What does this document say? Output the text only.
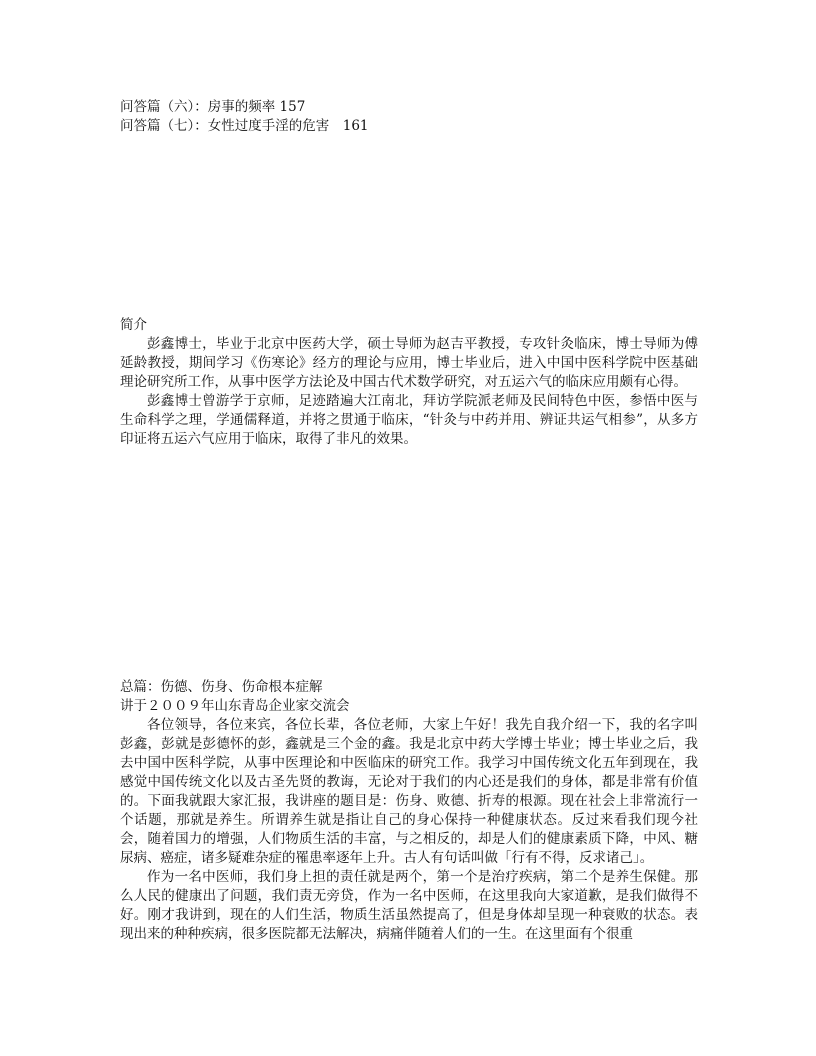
问答篇（六）：房事的频率 157
问答篇（七）：女性过度手淫的危害　161
简介

彭鑫博士，毕业于北京中医药大学，硕士导师为赵吉平教授，专攻针灸临床，博士导师为傅延龄教授，期间学习《伤寒论》经方的理论与应用，博士毕业后，进入中国中医科学院中医基础理论研究所工作，从事中医学方法论及中国古代术数学研究，对五运六气的临床应用颇有心得。

彭鑫博士曾游学于京师，足迹踏遍大江南北，拜访学院派老师及民间特色中医，参悟中医与生命科学之理，学通儒释道，并将之贯通于临床，“针灸与中药并用、辨证共运气相参”，从多方印证将五运六气应用于临床，取得了非凡的效果。

总篇：伤德、伤身、伤命根本症解
讲于２００９年山东青岛企业家交流会

各位领导，各位来宾，各位长辈，各位老师，大家上午好！我先自我介绍一下，我的名字叫彭鑫，彭就是彭德怀的彭，鑫就是三个金的鑫。我是北京中药大学博士毕业；博士毕业之后，我去中国中医科学院，从事中医理论和中医临床的研究工作。我学习中国传统文化五年到现在，我感觉中国传统文化以及古圣先贤的教诲，无论对于我们的内心还是我们的身体，都是非常有价值的。下面我就跟大家汇报，我讲座的题目是：伤身、败德、折寿的根源。现在社会上非常流行一个话题，那就是养生。所谓养生就是指让自己的身心保持一种健康状态。反过来看我们现今社会，随着国力的增强，人们物质生活的丰富，与之相反的，却是人们的健康素质下降，中风、糖尿病、癌症，诸多疑难杂症的罹患率逐年上升。古人有句话叫做「行有不得，反求诸己」。

作为一名中医师，我们身上担的责任就是两个，第一个是治疗疾病，第二个是养生保健。那么人民的健康出了问题，我们责无旁贷，作为一名中医师，在这里我向大家道歉，是我们做得不好。刚才我讲到，现在的人们生活，物质生活虽然提高了，但是身体却呈现一种衰败的状态。表现出来的种种疾病，很多医院都无法解决，病痛伴随着人们的一生。在这里面有个很重
